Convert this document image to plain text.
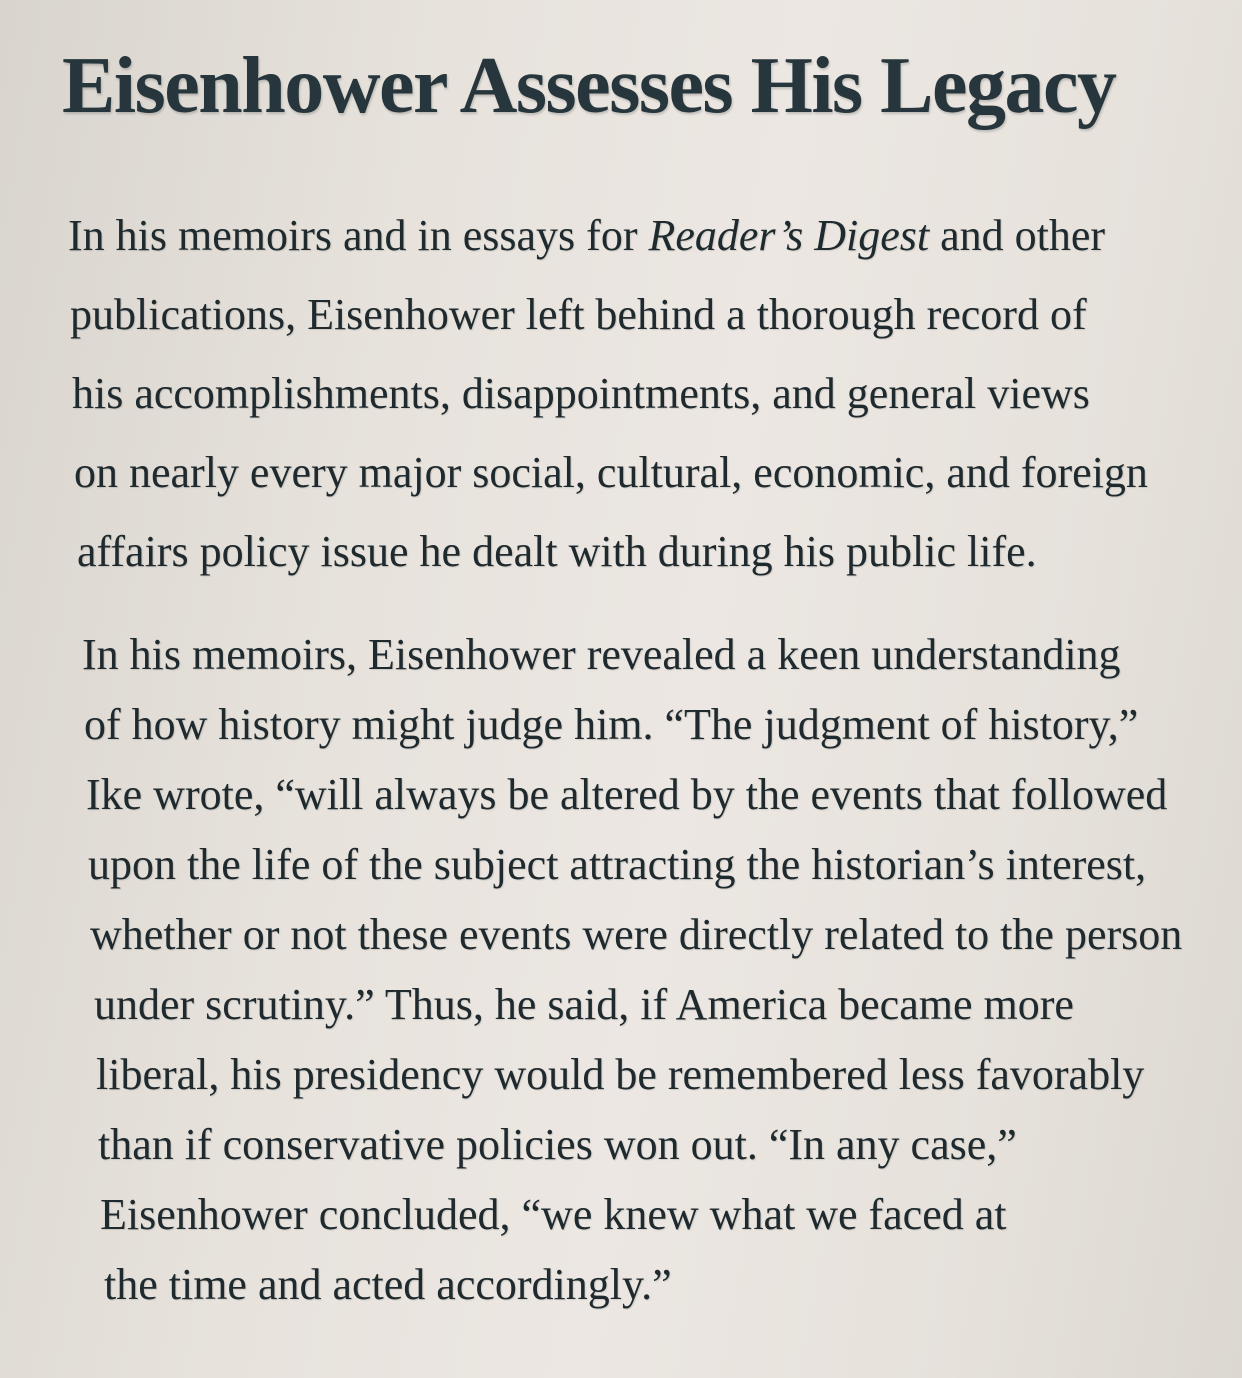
Eisenhower Assesses His Legacy

In his memoirs and in essays for Reader’s Digest and other
publications, Eisenhower left behind a thorough record of
his accomplishments, disappointments, and general views
on nearly every major social, cultural, economic, and foreign
affairs policy issue he dealt with during his public life.

In his memoirs, Eisenhower revealed a keen understanding
of how history might judge him. “The judgment of history,”
Ike wrote, “will always be altered by the events that followed
upon the life of the subject attracting the historian’s interest,
whether or not these events were directly related to the person
under scrutiny.” Thus, he said, if America became more
liberal, his presidency would be remembered less favorably
than if conservative policies won out. “In any case,”
Eisenhower concluded, “we knew what we faced at
the time and acted accordingly.”
